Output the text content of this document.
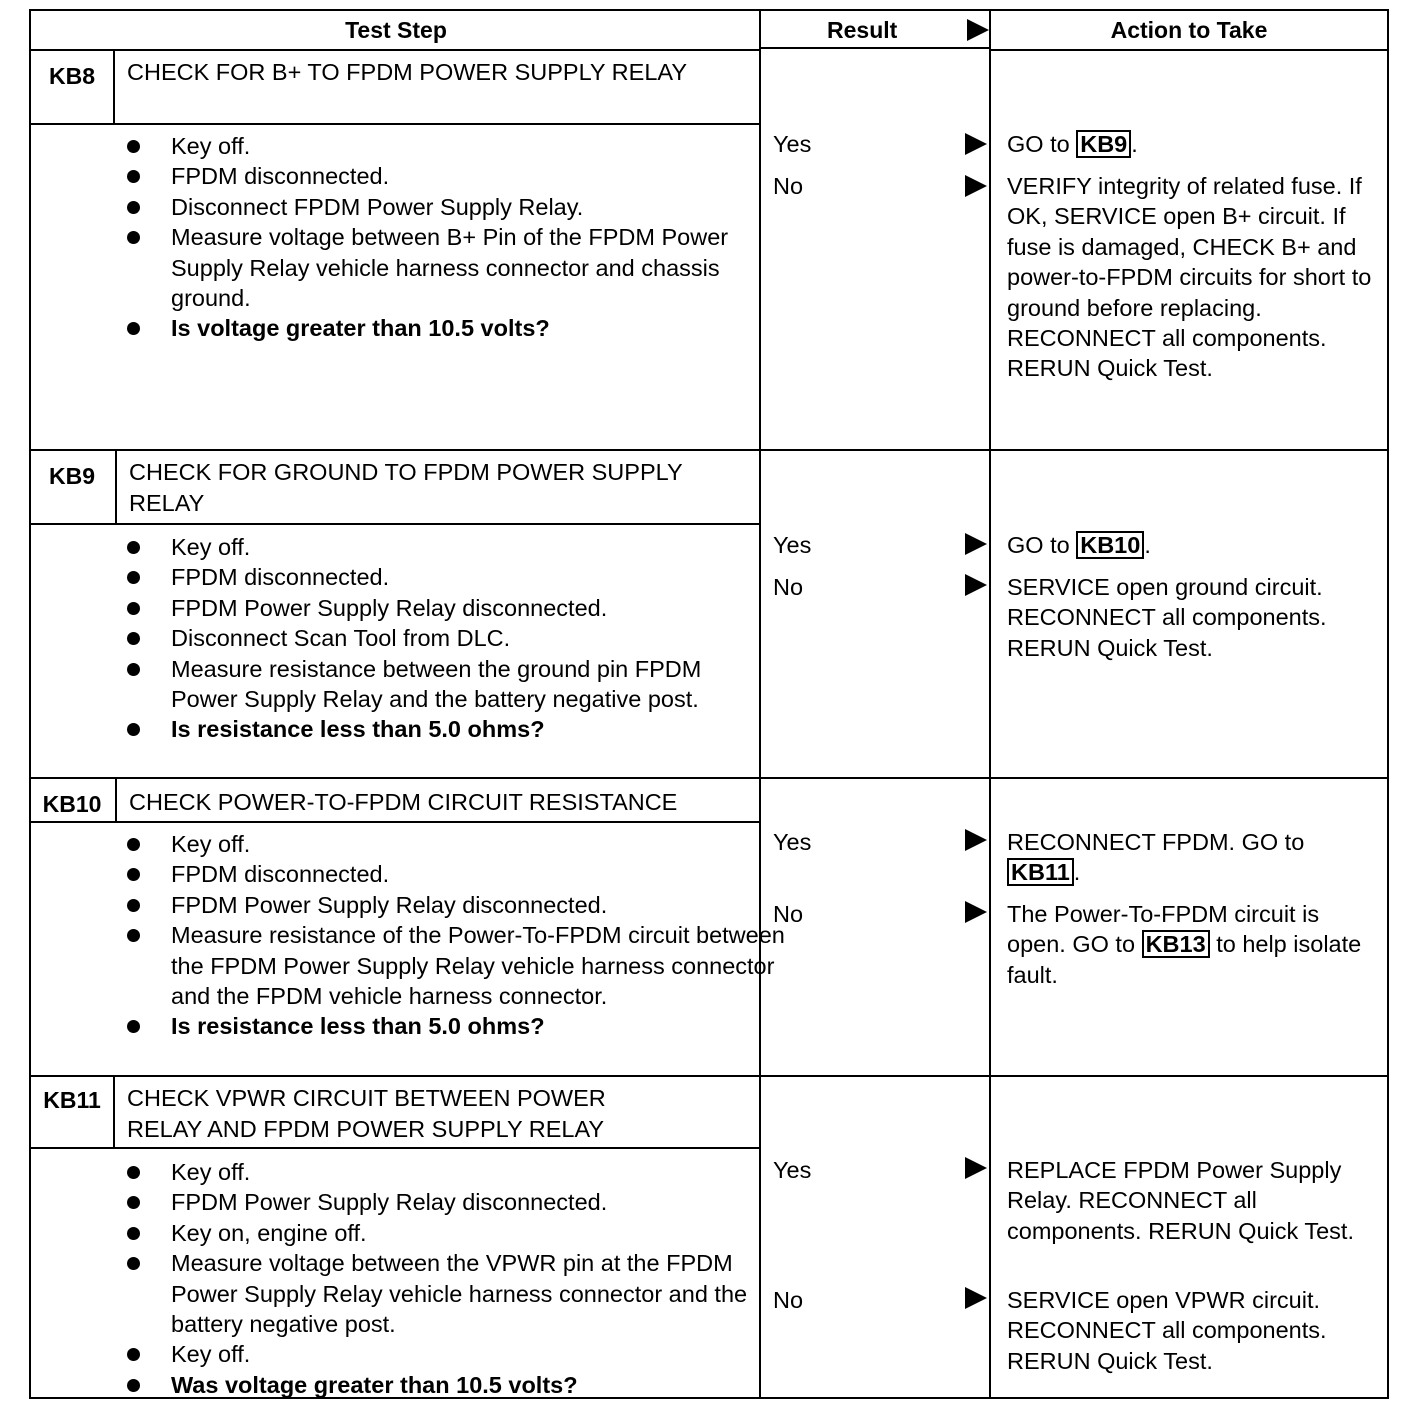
Test Step	Result	Action to Take
KB8	CHECK FOR B+ TO FPDM POWER SUPPLY RELAY
Key off.
FPDM disconnected.
Disconnect FPDM Power Supply Relay.
Measure voltage between B+ Pin of the FPDM Power Supply Relay vehicle harness connector and chassis ground.
Is voltage greater than 10.5 volts?
Yes	GO to KB9 .
No	VERIFY integrity of related fuse. If OK, SERVICE open B+ circuit. If fuse is damaged, CHECK B+ and power-to-FPDM circuits for short to ground before replacing. RECONNECT all components. RERUN Quick Test.
KB9	CHECK FOR GROUND TO FPDM POWER SUPPLY RELAY
Key off.
FPDM disconnected.
FPDM Power Supply Relay disconnected.
Disconnect Scan Tool from DLC.
Measure resistance between the ground pin FPDM Power Supply Relay and the battery negative post.
Is resistance less than 5.0 ohms?
Yes	GO to KB10 .
No	SERVICE open ground circuit. RECONNECT all components. RERUN Quick Test.
KB10	CHECK POWER-TO-FPDM CIRCUIT RESISTANCE
Key off.
FPDM disconnected.
FPDM Power Supply Relay disconnected.
Measure resistance of the Power-To-FPDM circuit between the FPDM Power Supply Relay vehicle harness connector and the FPDM vehicle harness connector.
Is resistance less than 5.0 ohms?
Yes	RECONNECT FPDM. GO to KB11 .
No	The Power-To-FPDM circuit is open. GO to KB13 to help isolate fault.
KB11	CHECK VPWR CIRCUIT BETWEEN POWER RELAY AND FPDM POWER SUPPLY RELAY
Key off.
FPDM Power Supply Relay disconnected.
Key on, engine off.
Measure voltage between the VPWR pin at the FPDM Power Supply Relay vehicle harness connector and the battery negative post.
Key off.
Was voltage greater than 10.5 volts?
Yes	REPLACE FPDM Power Supply Relay. RECONNECT all components. RERUN Quick Test.
No	SERVICE open VPWR circuit. RECONNECT all components. RERUN Quick Test.
